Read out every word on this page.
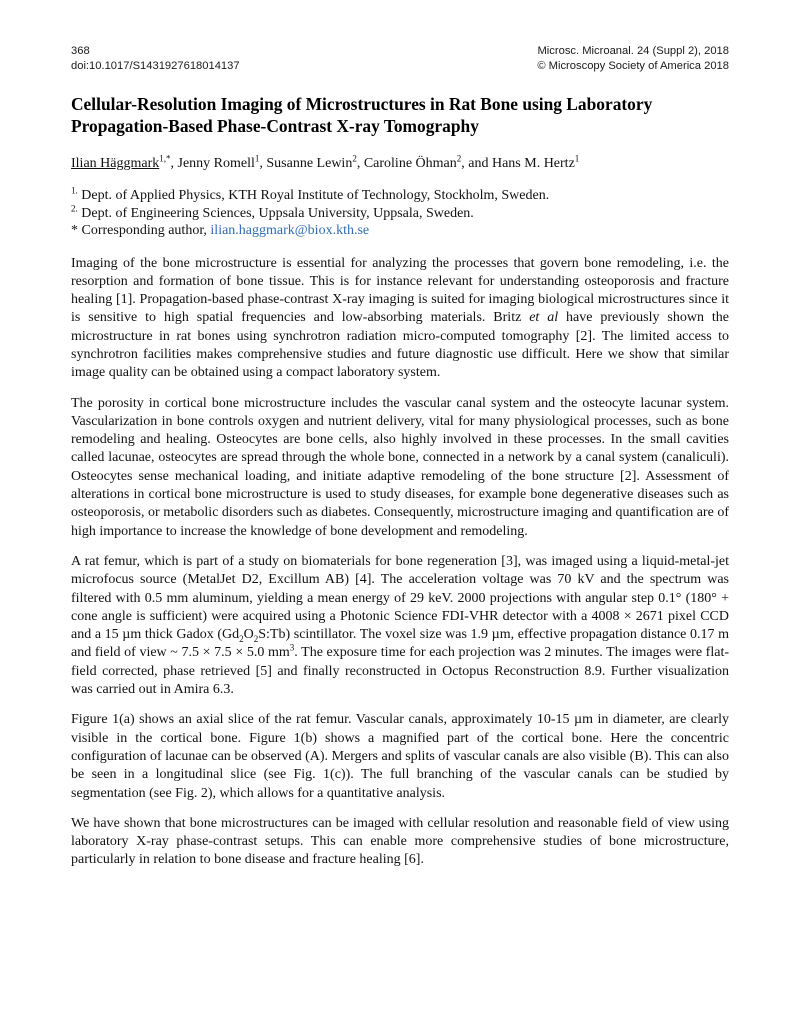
368
doi:10.1017/S1431927618014137
Microsc. Microanal. 24 (Suppl 2), 2018
© Microscopy Society of America 2018
Cellular-Resolution Imaging of Microstructures in Rat Bone using Laboratory
Propagation-Based Phase-Contrast X-ray Tomography
Ilian Häggmark$^{1,*}$, Jenny Romell$^1$, Susanne Lewin$^2$, Caroline Öhman$^2$, and Hans M. Hertz$^1$
$^{1.}$ Dept. of Applied Physics, KTH Royal Institute of Technology, Stockholm, Sweden.
$^{2.}$ Dept. of Engineering Sciences, Uppsala University, Uppsala, Sweden.
* Corresponding author, ilian.haggmark@biox.kth.se

Imaging of the bone microstructure is essential for analyzing the processes that govern bone remodeling, i.e. the resorption and formation of bone tissue. This is for instance relevant for understanding osteoporosis and fracture healing [1]. Propagation-based phase-contrast X-ray imaging is suited for imaging biological microstructures since it is sensitive to high spatial frequencies and low-absorbing materials. Britz et al have previously shown the microstructure in rat bones using synchrotron radiation micro-computed tomography [2]. The limited access to synchrotron facilities makes comprehensive studies and future diagnostic use difficult. Here we show that similar image quality can be obtained using a compact laboratory system.

The porosity in cortical bone microstructure includes the vascular canal system and the osteocyte lacunar system. Vascularization in bone controls oxygen and nutrient delivery, vital for many physiological processes, such as bone remodeling and healing. Osteocytes are bone cells, also highly involved in these processes. In the small cavities called lacunae, osteocytes are spread through the whole bone, connected in a network by a canal system (canaliculi). Osteocytes sense mechanical loading, and initiate adaptive remodeling of the bone structure [2]. Assessment of alterations in cortical bone microstructure is used to study diseases, for example bone degenerative diseases such as osteoporosis, or metabolic disorders such as diabetes. Consequently, microstructure imaging and quantification are of high importance to increase the knowledge of bone development and remodeling.

A rat femur, which is part of a study on biomaterials for bone regeneration [3], was imaged using a liquid-metal-jet microfocus source (MetalJet D2, Excillum AB) [4]. The acceleration voltage was 70 kV and the spectrum was filtered with 0.5 mm aluminum, yielding a mean energy of 29 keV. 2000 projections with angular step 0.1° (180° + cone angle is sufficient) were acquired using a Photonic Science FDI-VHR detector with a 4008 × 2671 pixel CCD and a 15 µm thick Gadox $(Gd_2O_2S:Tb)$ scintillator. The voxel size was 1.9 µm, effective propagation distance 0.17 m and field of view ~ 7.5 × 7.5 × 5.0 $mm^3$. The exposure time for each projection was 2 minutes. The images were flat-field corrected, phase retrieved [5] and finally reconstructed in Octopus Reconstruction 8.9. Further visualization was carried out in Amira 6.3.

Figure 1(a) shows an axial slice of the rat femur. Vascular canals, approximately 10-15 µm in diameter, are clearly visible in the cortical bone. Figure 1(b) shows a magnified part of the cortical bone. Here the concentric configuration of lacunae can be observed (A). Mergers and splits of vascular canals are also visible (B). This can also be seen in a longitudinal slice (see Fig. 1(c)). The full branching of the vascular canals can be studied by segmentation (see Fig. 2), which allows for a quantitative analysis.

We have shown that bone microstructures can be imaged with cellular resolution and reasonable field of view using laboratory X-ray phase-contrast setups. This can enable more comprehensive studies of bone microstructure, particularly in relation to bone disease and fracture healing [6].
